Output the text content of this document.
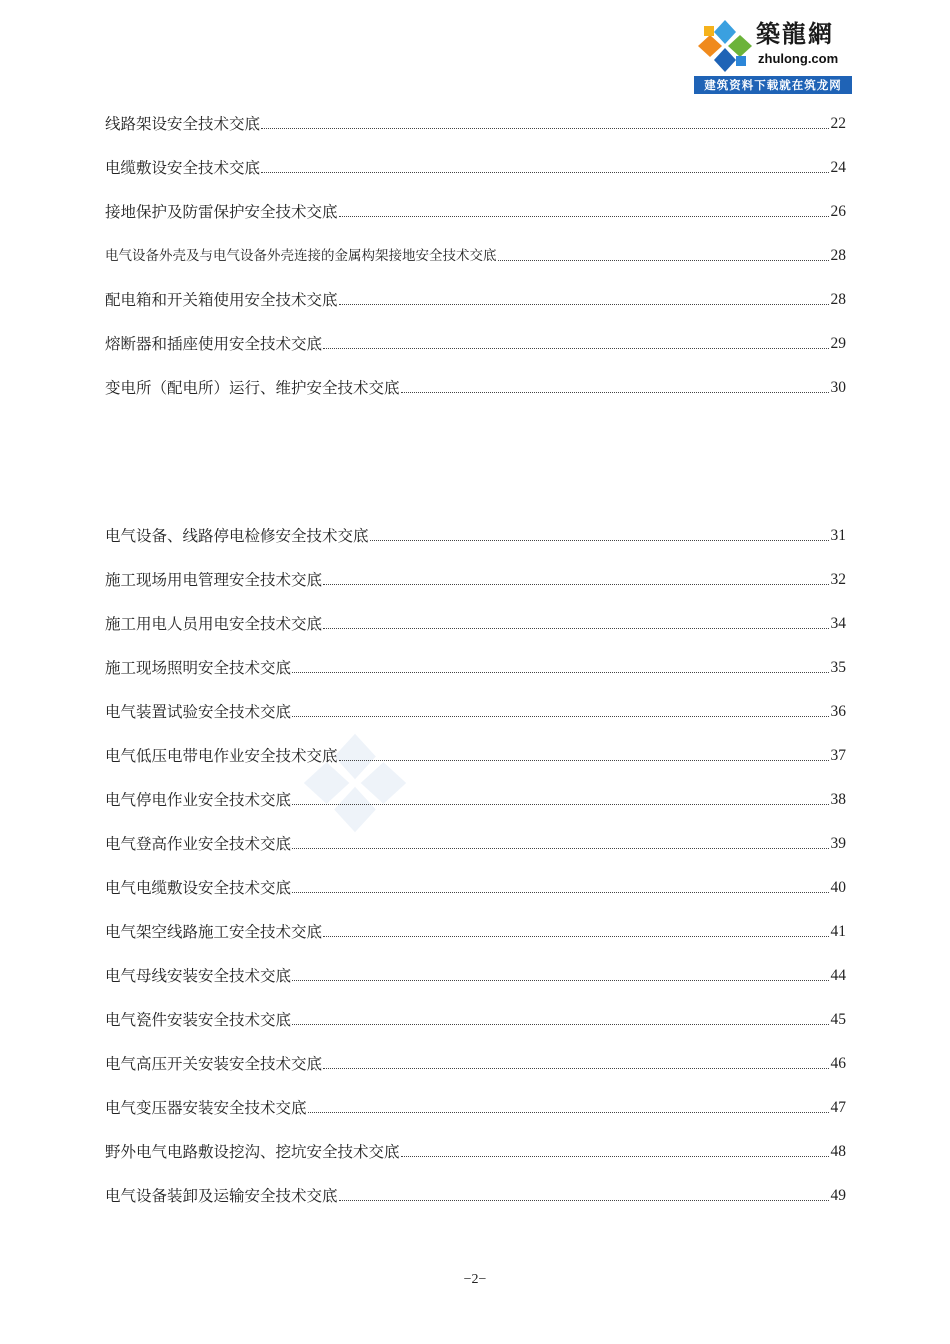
築龍網
zhulong.com
建筑资料下载就在筑龙网
线路架设安全技术交底	22
电缆敷设安全技术交底	24
接地保护及防雷保护安全技术交底	26
电气设备外壳及与电气设备外壳连接的金属构架接地安全技术交底	28
配电箱和开关箱使用安全技术交底	28
熔断器和插座使用安全技术交底	29
变电所（配电所）运行、维护安全技术交底	30
电气设备、线路停电检修安全技术交底	31
施工现场用电管理安全技术交底	32
施工用电人员用电安全技术交底	34
施工现场照明安全技术交底	35
电气装置试验安全技术交底	36
电气低压电带电作业安全技术交底	37
电气停电作业安全技术交底	38
电气登高作业安全技术交底	39
电气电缆敷设安全技术交底	40
电气架空线路施工安全技术交底	41
电气母线安装安全技术交底	44
电气瓷件安装安全技术交底	45
电气高压开关安装安全技术交底	46
电气变压器安装安全技术交底	47
野外电气电路敷设挖沟、挖坑安全技术交底	48
电气设备装卸及运输安全技术交底	49
−2−
